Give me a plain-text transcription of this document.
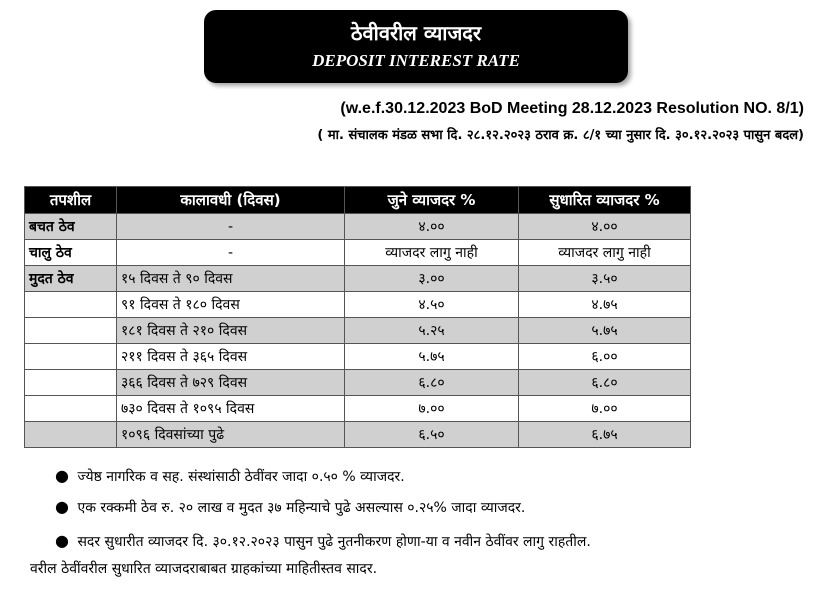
ठेवीवरील व्याजदर
DEPOSIT INTEREST RATE
(w.e.f.30.12.2023 BoD Meeting 28.12.2023 Resolution NO. 8/1)
( मा. संचालक मंडळ सभा दि. २८.१२.२०२३ ठराव क्र. ८/१ च्या नुसार दि. ३०.१२.२०२३ पासुन बदल)
तपशील	कालावधी (दिवस)	जुने व्याजदर %	सुधारित व्याजदर %
बचत ठेव	-	४.००	४.००
चालु ठेव	-	व्याजदर लागु नाही	व्याजदर लागु नाही
मुदत ठेव	१५ दिवस ते ९० दिवस	३.००	३.५०
	९१ दिवस ते १८० दिवस	४.५०	४.७५
	१८१ दिवस ते २१० दिवस	५.२५	५.७५
	२११ दिवस ते ३६५ दिवस	५.७५	६.००
	३६६ दिवस ते ७२९ दिवस	६.८०	६.८०
	७३० दिवस ते १०९५ दिवस	७.००	७.००
	१०९६ दिवसांच्या पुढे	६.५०	६.७५
● ज्येष्ठ नागरिक व सह. संस्थांसाठी ठेवींवर जादा ०.५० % व्याजदर.
● एक रक्कमी ठेव रु. २० लाख व मुदत ३७ महिन्याचे पुढे असल्यास ०.२५% जादा व्याजदर.
● सदर सुधारीत व्याजदर दि. ३०.१२.२०२३ पासुन पुढे नुतनीकरण होणा-या व नवीन ठेवींवर लागु राहतील.
वरील ठेवींवरील सुधारित व्याजदराबाबत ग्राहकांच्या माहितीस्तव सादर.
